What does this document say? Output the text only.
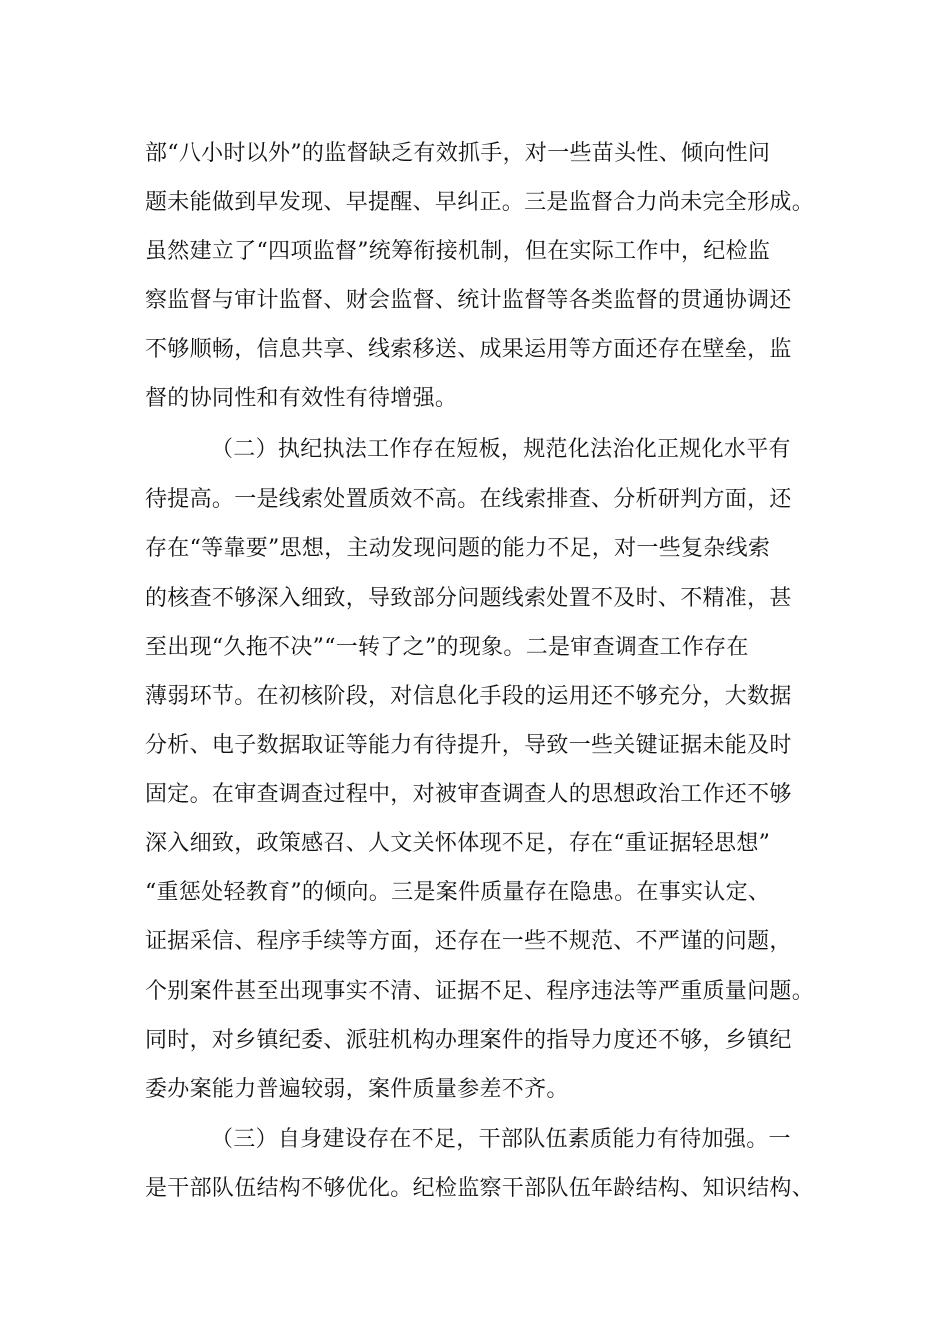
部“八小时以外”的监督缺乏有效抓手，对一些苗头性、倾向性问
题未能做到早发现、早提醒、早纠正。三是监督合力尚未完全形成。
虽然建立了“四项监督”统筹衔接机制，但在实际工作中，纪检监
察监督与审计监督、财会监督、统计监督等各类监督的贯通协调还
不够顺畅，信息共享、线索移送、成果运用等方面还存在壁垒，监
督的协同性和有效性有待增强。
（二）执纪执法工作存在短板，规范化法治化正规化水平有
待提高。一是线索处置质效不高。在线索排查、分析研判方面，还
存在“等靠要”思想，主动发现问题的能力不足，对一些复杂线索
的核查不够深入细致，导致部分问题线索处置不及时、不精准，甚
至出现“久拖不决”“一转了之”的现象。二是审查调查工作存在
薄弱环节。在初核阶段，对信息化手段的运用还不够充分，大数据
分析、电子数据取证等能力有待提升，导致一些关键证据未能及时
固定。在审查调查过程中，对被审查调查人的思想政治工作还不够
深入细致，政策感召、人文关怀体现不足，存在“重证据轻思想”
“重惩处轻教育”的倾向。三是案件质量存在隐患。在事实认定、
证据采信、程序手续等方面，还存在一些不规范、不严谨的问题，
个别案件甚至出现事实不清、证据不足、程序违法等严重质量问题。
同时，对乡镇纪委、派驻机构办理案件的指导力度还不够，乡镇纪
委办案能力普遍较弱，案件质量参差不齐。
（三）自身建设存在不足，干部队伍素质能力有待加强。一
是干部队伍结构不够优化。纪检监察干部队伍年龄结构、知识结构、
